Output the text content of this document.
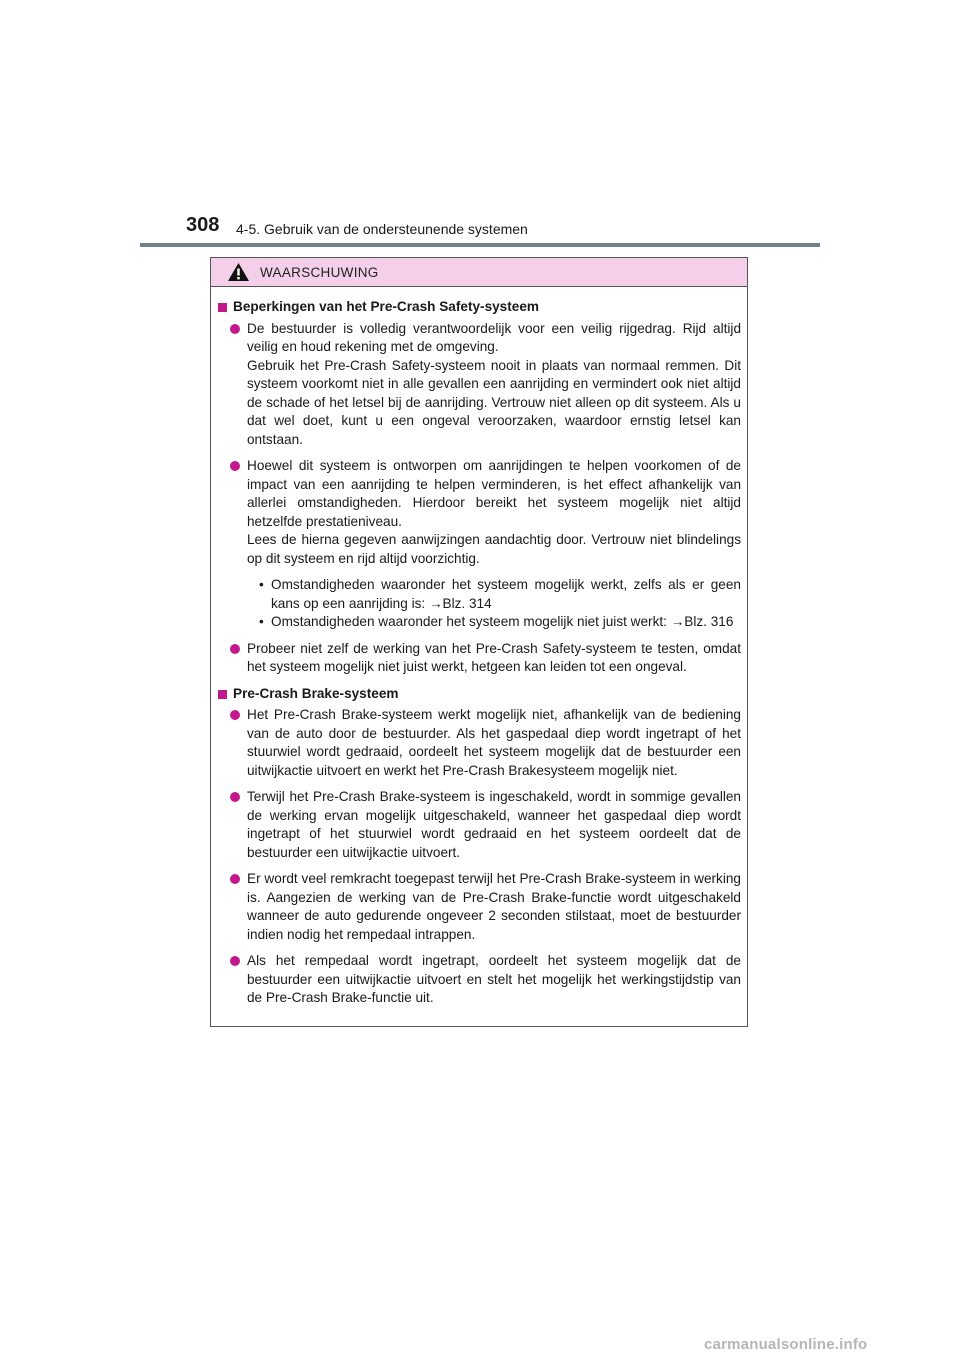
308 4-5. Gebruik van de ondersteunende systemen
WAARSCHUWING
Beperkingen van het Pre-Crash Safety-systeem
De bestuurder is volledig verantwoordelijk voor een veilig rijgedrag. Rijd altijd veilig en houd rekening met de omgeving.
Gebruik het Pre-Crash Safety-systeem nooit in plaats van normaal remmen. Dit systeem voorkomt niet in alle gevallen een aanrijding en vermindert ook niet altijd de schade of het letsel bij de aanrijding. Vertrouw niet alleen op dit systeem. Als u dat wel doet, kunt u een ongeval veroorzaken, waardoor ernstig letsel kan ontstaan.
Hoewel dit systeem is ontworpen om aanrijdingen te helpen voorkomen of de impact van een aanrijding te helpen verminderen, is het effect afhankelijk van allerlei omstandigheden. Hierdoor bereikt het systeem mogelijk niet altijd hetzelfde prestatieniveau.
Lees de hierna gegeven aanwijzingen aandachtig door. Vertrouw niet blindelings op dit systeem en rijd altijd voorzichtig.
• Omstandigheden waaronder het systeem mogelijk werkt, zelfs als er geen kans op een aanrijding is: →Blz. 314
• Omstandigheden waaronder het systeem mogelijk niet juist werkt: →Blz. 316
Probeer niet zelf de werking van het Pre-Crash Safety-systeem te testen, omdat het systeem mogelijk niet juist werkt, hetgeen kan leiden tot een ongeval.
Pre-Crash Brake-systeem
Het Pre-Crash Brake-systeem werkt mogelijk niet, afhankelijk van de bediening van de auto door de bestuurder. Als het gaspedaal diep wordt ingetrapt of het stuurwiel wordt gedraaid, oordeelt het systeem mogelijk dat de bestuurder een uitwijkactie uitvoert en werkt het Pre-Crash Brakesysteem mogelijk niet.
Terwijl het Pre-Crash Brake-systeem is ingeschakeld, wordt in sommige gevallen de werking ervan mogelijk uitgeschakeld, wanneer het gaspedaal diep wordt ingetrapt of het stuurwiel wordt gedraaid en het systeem oordeelt dat de bestuurder een uitwijkactie uitvoert.
Er wordt veel remkracht toegepast terwijl het Pre-Crash Brake-systeem in werking is. Aangezien de werking van de Pre-Crash Brake-functie wordt uitgeschakeld wanneer de auto gedurende ongeveer 2 seconden stilstaat, moet de bestuurder indien nodig het rempedaal intrappen.
Als het rempedaal wordt ingetrapt, oordeelt het systeem mogelijk dat de bestuurder een uitwijkactie uitvoert en stelt het mogelijk het werkingstijdstip van de Pre-Crash Brake-functie uit.
carmanualsonline.info
